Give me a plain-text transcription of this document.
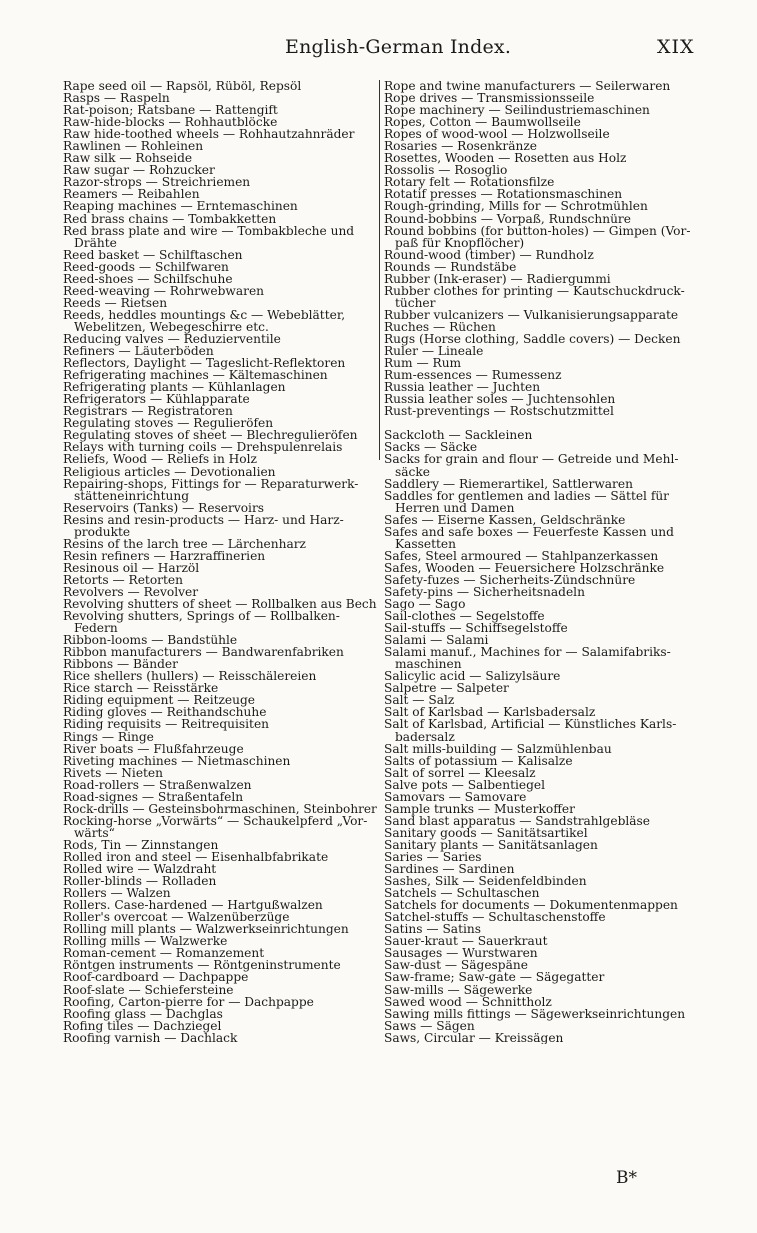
English-German Index.	XIX
Rape seed oil — Rapsöl, Rüböl, Repsöl
Rasps — Raspeln
Rat-poison; Ratsbane — Rattengift
Raw-hide-blocks — Rohhautblöcke
Raw hide-toothed wheels — Rohhautzahnräder
Rawlinen — Rohleinen
Raw silk — Rohseide
Raw sugar — Rohzucker
Razor-strops — Streichriemen
Reamers — Reibahlen
Reaping machines — Erntemaschinen
Red brass chains — Tombakketten
Red brass plate and wire — Tombakbleche und
Drähte
Reed basket — Schilftaschen
Reed-goods — Schilfwaren
Reed-shoes — Schilfschuhe
Reed-weaving — Rohrwebwaren
Reeds — Rietsen
Reeds, heddles mountings &c — Webeblätter,
Webelitzen, Webegeschirre etc.
Reducing valves — Reduzierventile
Refiners — Läuterböden
Reflectors, Daylight — Tageslicht-Reflektoren
Refrigerating machines — Kältemaschinen
Refrigerating plants — Kühlanlagen
Refrigerators — Kühlapparate
Registrars — Registratoren
Regulating stoves — Regulieröfen
Regulating stoves of sheet — Blechregulieröfen
Relays with turning coils — Drehspulenrelais
Reliefs, Wood — Reliefs in Holz
Religious articles — Devotionalien
Repairing-shops, Fittings for — Reparaturwerk-
stätteneinrichtung
Reservoirs (Tanks) — Reservoirs
Resins and resin-products — Harz- und Harz-
produkte
Resins of the larch tree — Lärchenharz
Resin refiners — Harzraffinerien
Resinous oil — Harzöl
Retorts — Retorten
Revolvers — Revolver
Revolving shutters of sheet — Rollbalken aus Bech
Revolving shutters, Springs of — Rollbalken-
Federn
Ribbon-looms — Bandstühle
Ribbon manufacturers — Bandwarenfabriken
Ribbons — Bänder
Rice shellers (hullers) — Reisschälereien
Rice starch — Reisstärke
Riding equipment — Reitzeuge
Riding gloves — Reithandschuhe
Riding requisits — Reitrequisiten
Rings — Ringe
River boats — Flußfahrzeuge
Riveting machines — Nietmaschinen
Rivets — Nieten
Road-rollers — Straßenwalzen
Road-signes — Straßentafeln
Rock-drills — Gesteinsbohrmaschinen, Steinbohrer
Rocking-horse „Vorwärts“ — Schaukelpferd „Vor-
wärts“
Rods, Tin — Zinnstangen
Rolled iron and steel — Eisenhalbfabrikate
Rolled wire — Walzdraht
Roller-blinds — Rolladen
Rollers — Walzen
Rollers. Case-hardened — Hartgußwalzen
Roller's overcoat — Walzenüberzüge
Rolling mill plants — Walzwerkseinrichtungen
Rolling mills — Walzwerke
Roman-cement — Romanzement
Röntgen instruments — Röntgeninstrumente
Roof-cardboard — Dachpappe
Roof-slate — Schiefersteine
Roofing, Carton-pierre for — Dachpappe
Roofing glass — Dachglas
Rofing tiles — Dachziegel
Roofing varnish — Dachlack
Rope and twine manufacturers — Seilerwaren
Rope drives — Transmissionsseile
Rope machinery — Seilindustriemaschinen
Ropes, Cotton — Baumwollseile
Ropes of wood-wool — Holzwollseile
Rosaries — Rosenkränze
Rosettes, Wooden — Rosetten aus Holz
Rossolis — Rosoglio
Rotary felt — Rotationsfilze
Rotatif presses — Rotationsmaschinen
Rough-grinding, Mills for — Schrotmühlen
Round-bobbins — Vorpaß, Rundschnüre
Round bobbins (for button-holes) — Gimpen (Vor-
paß für Knopflöcher)
Round-wood (timber) — Rundholz
Rounds — Rundstäbe
Rubber (Ink-eraser) — Radiergummi
Rubber clothes for printing — Kautschuckdruck-
tücher
Rubber vulcanizers — Vulkanisierungsapparate
Ruches — Rüchen
Rugs (Horse clothing, Saddle covers) — Decken
Ruler — Lineale
Rum — Rum
Rum-essences — Rumessenz
Russia leather — Juchten
Russia leather soles — Juchtensohlen
Rust-preventings — Rostschutzmittel
Sackcloth — Sackleinen
Sacks — Säcke
Sacks for grain and flour — Getreide und Mehl-
säcke
Saddlery — Riemerartikel, Sattlerwaren
Saddles for gentlemen and ladies — Sättel für
Herren und Damen
Safes — Eiserne Kassen, Geldschränke
Safes and safe boxes — Feuerfeste Kassen und
Kassetten
Safes, Steel armoured — Stahlpanzerkassen
Safes, Wooden — Feuersichere Holzschränke
Safety-fuzes — Sicherheits-Zündschnüre
Safety-pins — Sicherheitsnadeln
Sago — Sago
Sail-clothes — Segelstoffe
Sail-stuffs — Schiffsegelstoffe
Salami — Salami
Salami manuf., Machines for — Salamifabriks-
maschinen
Salicylic acid — Salizylsäure
Salpetre — Salpeter
Salt — Salz
Salt of Karlsbad — Karlsbadersalz
Salt of Karlsbad, Artificial — Künstliches Karls-
badersalz
Salt mills-building — Salzmühlenbau
Salts of potassium — Kalisalze
Salt of sorrel — Kleesalz
Salve pots — Salbentiegel
Samovars — Samovare
Sample trunks — Musterkoffer
Sand blast apparatus — Sandstrahlgebläse
Sanitary goods — Sanitätsartikel
Sanitary plants — Sanitätsanlagen
Saries — Saries
Sardines — Sardinen
Sashes, Silk — Seidenfeldbinden
Satchels — Schultaschen
Satchels for documents — Dokumentenmappen
Satchel-stuffs — Schultaschenstoffe
Satins — Satins
Sauer-kraut — Sauerkraut
Sausages — Wurstwaren
Saw-dust — Sägespäne
Saw-frame; Saw-gate — Sägegatter
Saw-mills — Sägewerke
Sawed wood — Schnittholz
Sawing mills fittings — Sägewerkseinrichtungen
Saws — Sägen
Saws, Circular — Kreissägen
B*
